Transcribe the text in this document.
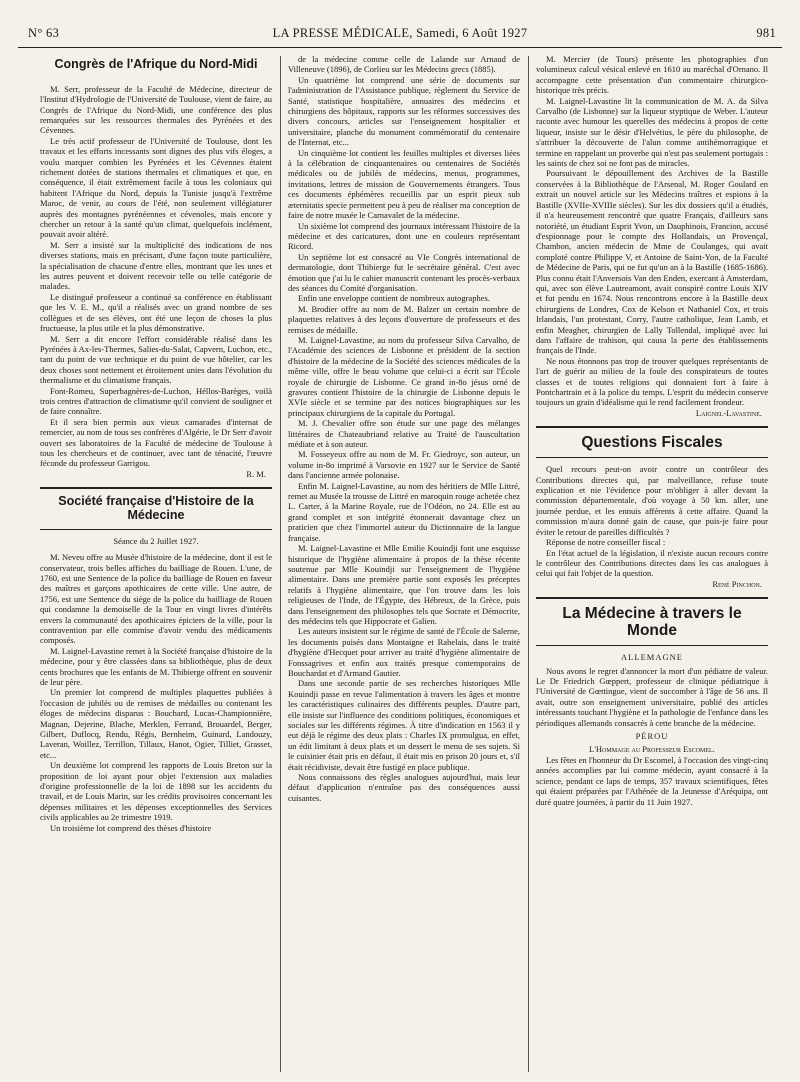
N° 63	LA PRESSE MÉDICALE, Samedi, 6 Août 1927	981
Congrès de l'Afrique du Nord-Midi

M. Serr, professeur de la Faculté de Médecine, directeur de l'Institut d'Hydrologie de l'Université de Toulouse, vient de faire, au Congrès de l'Afrique du Nord-Midi, une conférence des plus remarquées sur les ressources thermales des Pyrénées et des Cévennes.

Le très actif professeur de l'Université de Toulouse, dont les travaux et les efforts incessants sont dignes des plus vifs éloges, a voulu marquer combien les Pyrénées et les Cévennes étaient richement dotées de stations thermales et climatiques et que, en conséquence, il était extrêmement facile à tous les coloniaux qui habitent l'Afrique du Nord, depuis la Tunisie jusqu'à l'extrême Maroc, de venir, au cours de l'été, non seulement villégiaturer auprès des montagnes pyrénéennes et cévenoles, mais encore y chercher un retour à la santé qu'un climat, quelquefois inclément, pouvait avoir altéré.

M. Serr a insisté sur la multiplicité des indications de nos diverses stations, mais en précisant, d'une façon toute particulière, la spécialisation de chacune d'entre elles, montrant que les unes et les autres peuvent et doivent recevoir telle ou telle catégorie de malades.

Le distingué professeur a continué sa conférence en établissant que les V. E. M., qu'il a réalisés avec un grand nombre de ses collègues et de ses élèves, ont été une leçon de choses la plus fructueuse, la plus utile et la plus démonstrative.

M. Serr a dit encore l'effort considérable réalisé dans les Pyrénées à Ax-les-Thermes, Salies-du-Salat, Capvern, Luchon, etc., tant du point de vue technique et du point de vue hôtelier, car les deux choses sont nettement et étroitement unies dans l'évolution du thermalisme et du climatisme français.

Font-Romeu, Superbagnères-de-Luchon, Héllos-Barèges, voilà trois centres d'attraction de climatisme qu'il convient de souligner et de faire connaître.

Et il sera bien permis aux vieux camarades d'internat de remercier, au nom de tous ses confrères d'Algérie, le Dr Serr d'avoir ouvert ses laboratoires de la Faculté de médecine de Toulouse à tous les chercheurs et de continuer, avec tant de ténacité, l'œuvre féconde du professeur Garrigou.

R. M.

Société française d'Histoire de la Médecine

Séance du 2 Juillet 1927.

M. Neveu offre au Musée d'histoire de la médecine, dont il est le conservateur, trois belles affiches du bailliage de Rouen. L'une, de 1760, est une Sentence de la police du bailliage de Rouen en faveur des maîtres et garçons apothicaires de cette ville. Une autre, de 1756, est une Sentence du siège de la police du bailliage de Rouen qui condamne la demoiselle de la Tour en vingt livres d'intérêts envers la communauté des apothicaires épiciers de la ville, pour la contravention par elle commise d'avoir vendu des médicaments composés.

M. Laignel-Lavastine remet à la Société française d'histoire de la médecine, pour y être classées dans sa bibliothèque, plus de deux cents brochures que les enfants de M. Thibierge offrent en souvenir de leur père.

Un premier lot comprend de multiples plaquettes publiées à l'occasion de jubilés ou de remises de médailles ou contenant les éloges de médecins disparus : Bouchard, Lucas-Championnière, Magnan, Dejerine, Blache, Merklen, Ferrand, Brouardel, Berger, Gilbert, Duflocq, Rendu, Régis, Bernheim, Guinard, Landouzy, Laveran, Woillez, Terrillon, Tillaux, Hanot, Ogier, Tilliet, Grasset, etc...

Un deuxième lot comprend les rapports de Louis Breton sur la proposition de loi ayant pour objet l'extension aux maladies d'origine professionnelle de la loi de 1898 sur les accidents du travail, et de Louis Marin, sur les crédits provisoires concernant les dépenses militaires et les dépenses exceptionnelles des Services civils applicables au 2e trimestre 1919.

Un troisième lot comprend des thèses d'histoire

de la médecine comme celle de Lalande sur Arnaud de Villeneuve (1896), de Corlieu sur les Médecins grecs (1885).

Un quatrième lot comprend une série de documents sur l'administration de l'Assistance publique, règlement du Service de Santé, statistique hospitalière, annuaires des médecins et chirurgiens des hôpitaux, rapports sur les réformes successives des divers concours, articles sur l'enseignement hospitalier et universitaire, planche du monument commémoratif du centenaire de l'Internat, etc...

Un cinquième lot contient les feuilles multiples et diverses liées à la célébration de cinquantenaires ou centenaires de Sociétés médicales ou de jubilés de médecins, menus, programmes, invitations, lettres de mission de Gouvernements étrangers. Tous ces documents éphémères recueillis par un esprit pieux sub æternitatis specie permettent peu à peu de réaliser ma conception de faire de notre musée le Carnavalet de la médecine.

Un sixième lot comprend des journaux intéressant l'histoire de la médecine et des caricatures, dont une en couleurs représentant Ricord.

Un septième lot est consacré au VIe Congrès international de dermatologie, dont Thibierge fut le secrétaire général. C'est avec émotion que j'ai lu le cahier manuscrit contenant les procès-verbaux des séances du Comité d'organisation.

Enfin une enveloppe contient de nombreux autographes.

M. Brodier offre au nom de M. Balzer un certain nombre de plaquettes relatives à des leçons d'ouverture de professeurs et des remises de médaille.

M. Laignel-Lavastine, au nom du professeur Silva Carvalho, de l'Académie des sciences de Lisbonne et président de la section d'histoire de la médecine de la Société des sciences médicales de la même ville, offre le beau volume que celui-ci a écrit sur l'École royale de chirurgie de Lisbonne. Ce grand in-8o jésus orné de gravures contient l'histoire de la chirurgie de Lisbonne depuis le XVIe siècle et se termine par des notices biographiques sur les principaux chirurgiens de la capitale du Portugal.

M. J. Chevalier offre son étude sur une page des mélanges littéraires de Chateaubriand relative au Traité de l'auscultation médiate et à son auteur.

M. Fosseyeux offre au nom de M. Fr. Giedroyc, son auteur, un volume in-8o imprimé à Varsovie en 1927 sur le Service de Santé dans l'ancienne armée polonaise.

Enfin M. Laignel-Lavastine, au nom des héritiers de Mlle Littré, remet au Musée la trousse de Littré en maroquin rouge achetée chez L. Carter, à la Marine Royale, rue de l'Odéon, no 24. Elle est au grand complet et son intégrité étonnerait davantage chez un praticien que chez l'immortel auteur du Dictionnaire de la langue française.

M. Laignel-Lavastine et Mlle Emilie Kouindji font une esquisse historique de l'hygiène alimentaire à propos de la thèse récente soutenue par Mlle Kouindji sur l'enseignement de l'hygiène alimentaire. Dans une première partie sont exposés les préceptes relatifs à l'hygiène alimentaire, que l'on trouve dans les lois religieuses de l'Inde, de l'Égypte, des Hébreux, de la Grèce, puis dans l'enseignement des philosophes tels que Socrate et Démocrite, des médecins tels que Hippocrate et Galien.

Les auteurs insistent sur le régime de santé de l'École de Salerne, les documents puisés dans Montaigne et Rabelais, dans le traité d'hygiène d'Hecquet pour arriver au traité d'hygiène alimentaire de Fonssagrives et enfin aux traités presque contemporains de Bouchardat et d'Armand Gautier.

Dans une seconde partie de ses recherches historiques Mlle Kouindji passe en revue l'alimentation à travers les âges et montre les caractéristiques culinaires des différents peuples. D'autre part, elle insiste sur l'influence des conditions politiques, économiques et sociales sur les différents régimes. À titre d'indication en 1563 il y eut déjà le régime des deux plats : Charles IX promulgua, en effet, un édit limitant à deux plats et un dessert le menu de ses sujets. Si le cuisinier était pris en défaut, il était mis en prison 20 jours et, s'il était récidiviste, devait être fustigé en place publique.

Nous connaissons des règles analogues aujourd'hui, mais leur défaut d'application n'entraîne pas des conséquences aussi cuisantes.

M. Mercier (de Tours) présente les photographies d'un volumineux calcul vésical enlevé en 1610 au maréchal d'Ornano. Il accompagne cette présentation d'un commentaire chirurgico-historique très précis.

M. Laignel-Lavastine lit la communication de M. A. da Silva Carvalho (de Lisbonne) sur la liqueur styptique de Weber. L'auteur raconte avec humour les querelles des médecins à propos de cette liqueur, insiste sur le désir d'Helvétius, le père du philosophe, de s'attribuer la découverte de l'alun comme antihémorragique et termine en rappelant un proverbe qui n'est pas seulement portugais : les saints de chez soi ne font pas de miracles.

Poursuivant le dépouillement des Archives de la Bastille conservées à la Bibliothèque de l'Arsenal, M. Roger Goulard en extrait un nouvel article sur les Médecins traîtres et espions à la Bastille (XVIIe-XVIIIe siècles). Sur les dix dossiers qu'il a étudiés, il n'a heureusement rencontré que quatre Français, d'ailleurs sans notoriété, un étudiant Esprit Yvon, un Dauphinois, Francion, accusé d'espionnage pour le compte des Hollandais, un Provençal, Chambon, ancien médecin de Mme de Coulanges, qui avait comploté contre Philippe V, et Antoine de Saint-Yon, de la Faculté de Médecine de Paris, qui ne fut qu'un an à la Bastille (1685-1686). Plus connu était l'Anversois Van den Enden, exercant à Amsterdam, qui, avec son élève Lautreamont, avait conspiré contre Louis XIV et fut pendu en 1674. Nous rencontrons encore à la Bastille deux chirurgiens de Londres, Cox de Kelson et Nathaniel Cox, et trois Irlandais, l'un protestant, Corry, l'autre catholique, Jean Lamb, et enfin Meagher, chirurgien de Lally Tollendal, impliqué avec lui dans l'affaire de trahison, qui causa la perte des établissements français de l'Inde.

Ne nous étonnons pas trop de trouver quelques représentants de l'art de guérir au milieu de la foule des conspirateurs de toutes classes et de toutes religions qui donnaient fort à faire à Pontchartrain et à la police du temps. L'esprit du médecin conserve toujours un grain d'idéalisme qui le rend facilement frondeur.

Laignel-Lavastine.

Questions Fiscales

Quel recours peut-on avoir contre un contrôleur des Contributions directes qui, par malveillance, refuse toute explication et nie l'évidence pour m'obliger à aller devant la commission départementale, d'où voyage à 50 km. aller, une journée perdue, et les ennuis afférents à cette affaire. Quand la commission m'aura donné gain de cause, que puis-je faire pour éviter le retour de pareilles difficultés ?

Réponse de notre conseiller fiscal :

En l'état actuel de la législation, il n'existe aucun recours contre le contrôleur des Contributions directes dans les cas analogues à celui qui fait l'objet de la question.

René Pinchon.

La Médecine à travers le Monde
ALLEMAGNE

Nous avons le regret d'annoncer la mort d'un pédiatre de valeur. Le Dr Friedrich Gœppert, professeur de clinique pédiatrique à l'Université de Gœttingue, vient de succomber à l'âge de 56 ans. Il avait, outre son enseignement universitaire, publié des articles intéressants touchant l'hygiène et la pathologie de l'enfance dans les périodiques allemands consacrés à cette branche de la médecine.

PÉROU

L'Hommage au Professeur Escomel.

Les fêtes en l'honneur du Dr Escomel, à l'occasion des vingt-cinq années accomplies par lui comme médecin, ayant consacré à la science, pendant ce laps de temps, 357 travaux scientifiques, fêtes qui étaient préparées par l'Athénée de la Jeunesse d'Aréquipa, ont duré quatre journées, à partir du 11 Juin 1927.
